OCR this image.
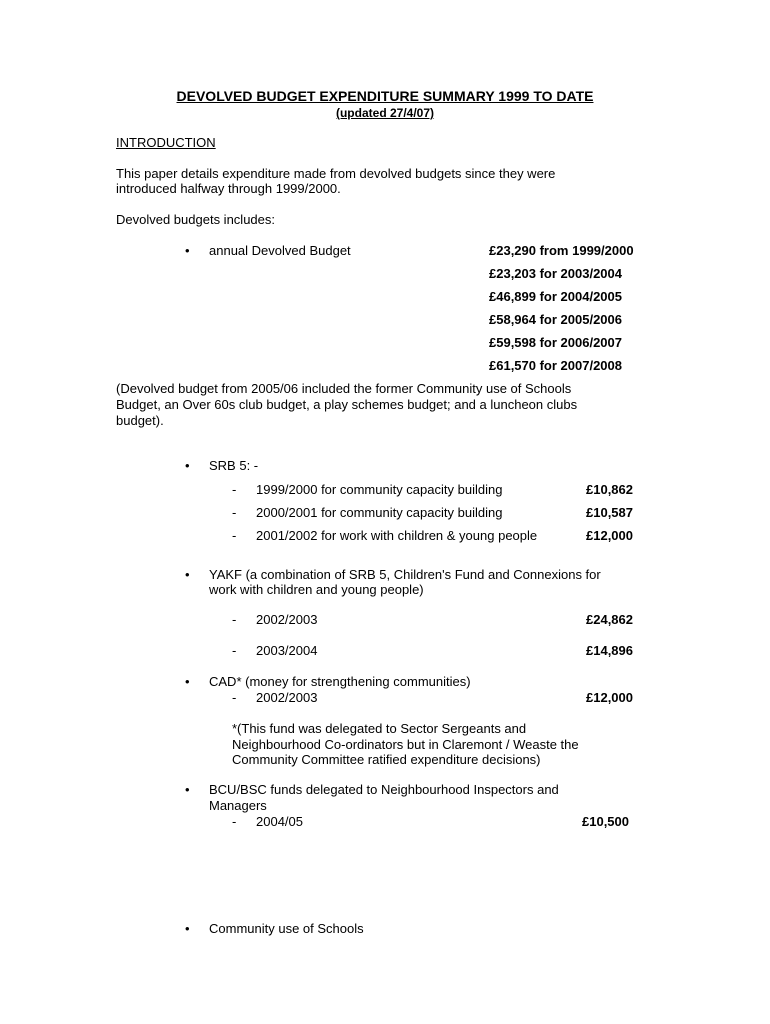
DEVOLVED BUDGET EXPENDITURE SUMMARY 1999 TO DATE
(updated 27/4/07)
INTRODUCTION
This paper details expenditure made from devolved budgets since they were
introduced halfway through 1999/2000.
Devolved budgets includes:
• annual Devolved Budget	£23,290 from 1999/2000
£23,203 for 2003/2004
£46,899 for 2004/2005
£58,964 for 2005/2006
£59,598 for 2006/2007
£61,570 for 2007/2008
(Devolved budget from 2005/06 included the former Community use of Schools
Budget, an Over 60s club budget, a play schemes budget; and a luncheon clubs
budget).
• SRB 5: -
- 1999/2000 for community capacity building	£10,862
- 2000/2001 for community capacity building	£10,587
- 2001/2002 for work with children & young people	£12,000
• YAKF (a combination of SRB 5, Children's Fund and Connexions for
work with children and young people)
- 2002/2003	£24,862
- 2003/2004	£14,896
• CAD* (money for strengthening communities)
- 2002/2003	£12,000
*(This fund was delegated to Sector Sergeants and
Neighbourhood Co-ordinators but in Claremont / Weaste the
Community Committee ratified expenditure decisions)
• BCU/BSC funds delegated to Neighbourhood Inspectors and
Managers
- 2004/05	£10,500
• Community use of Schools
